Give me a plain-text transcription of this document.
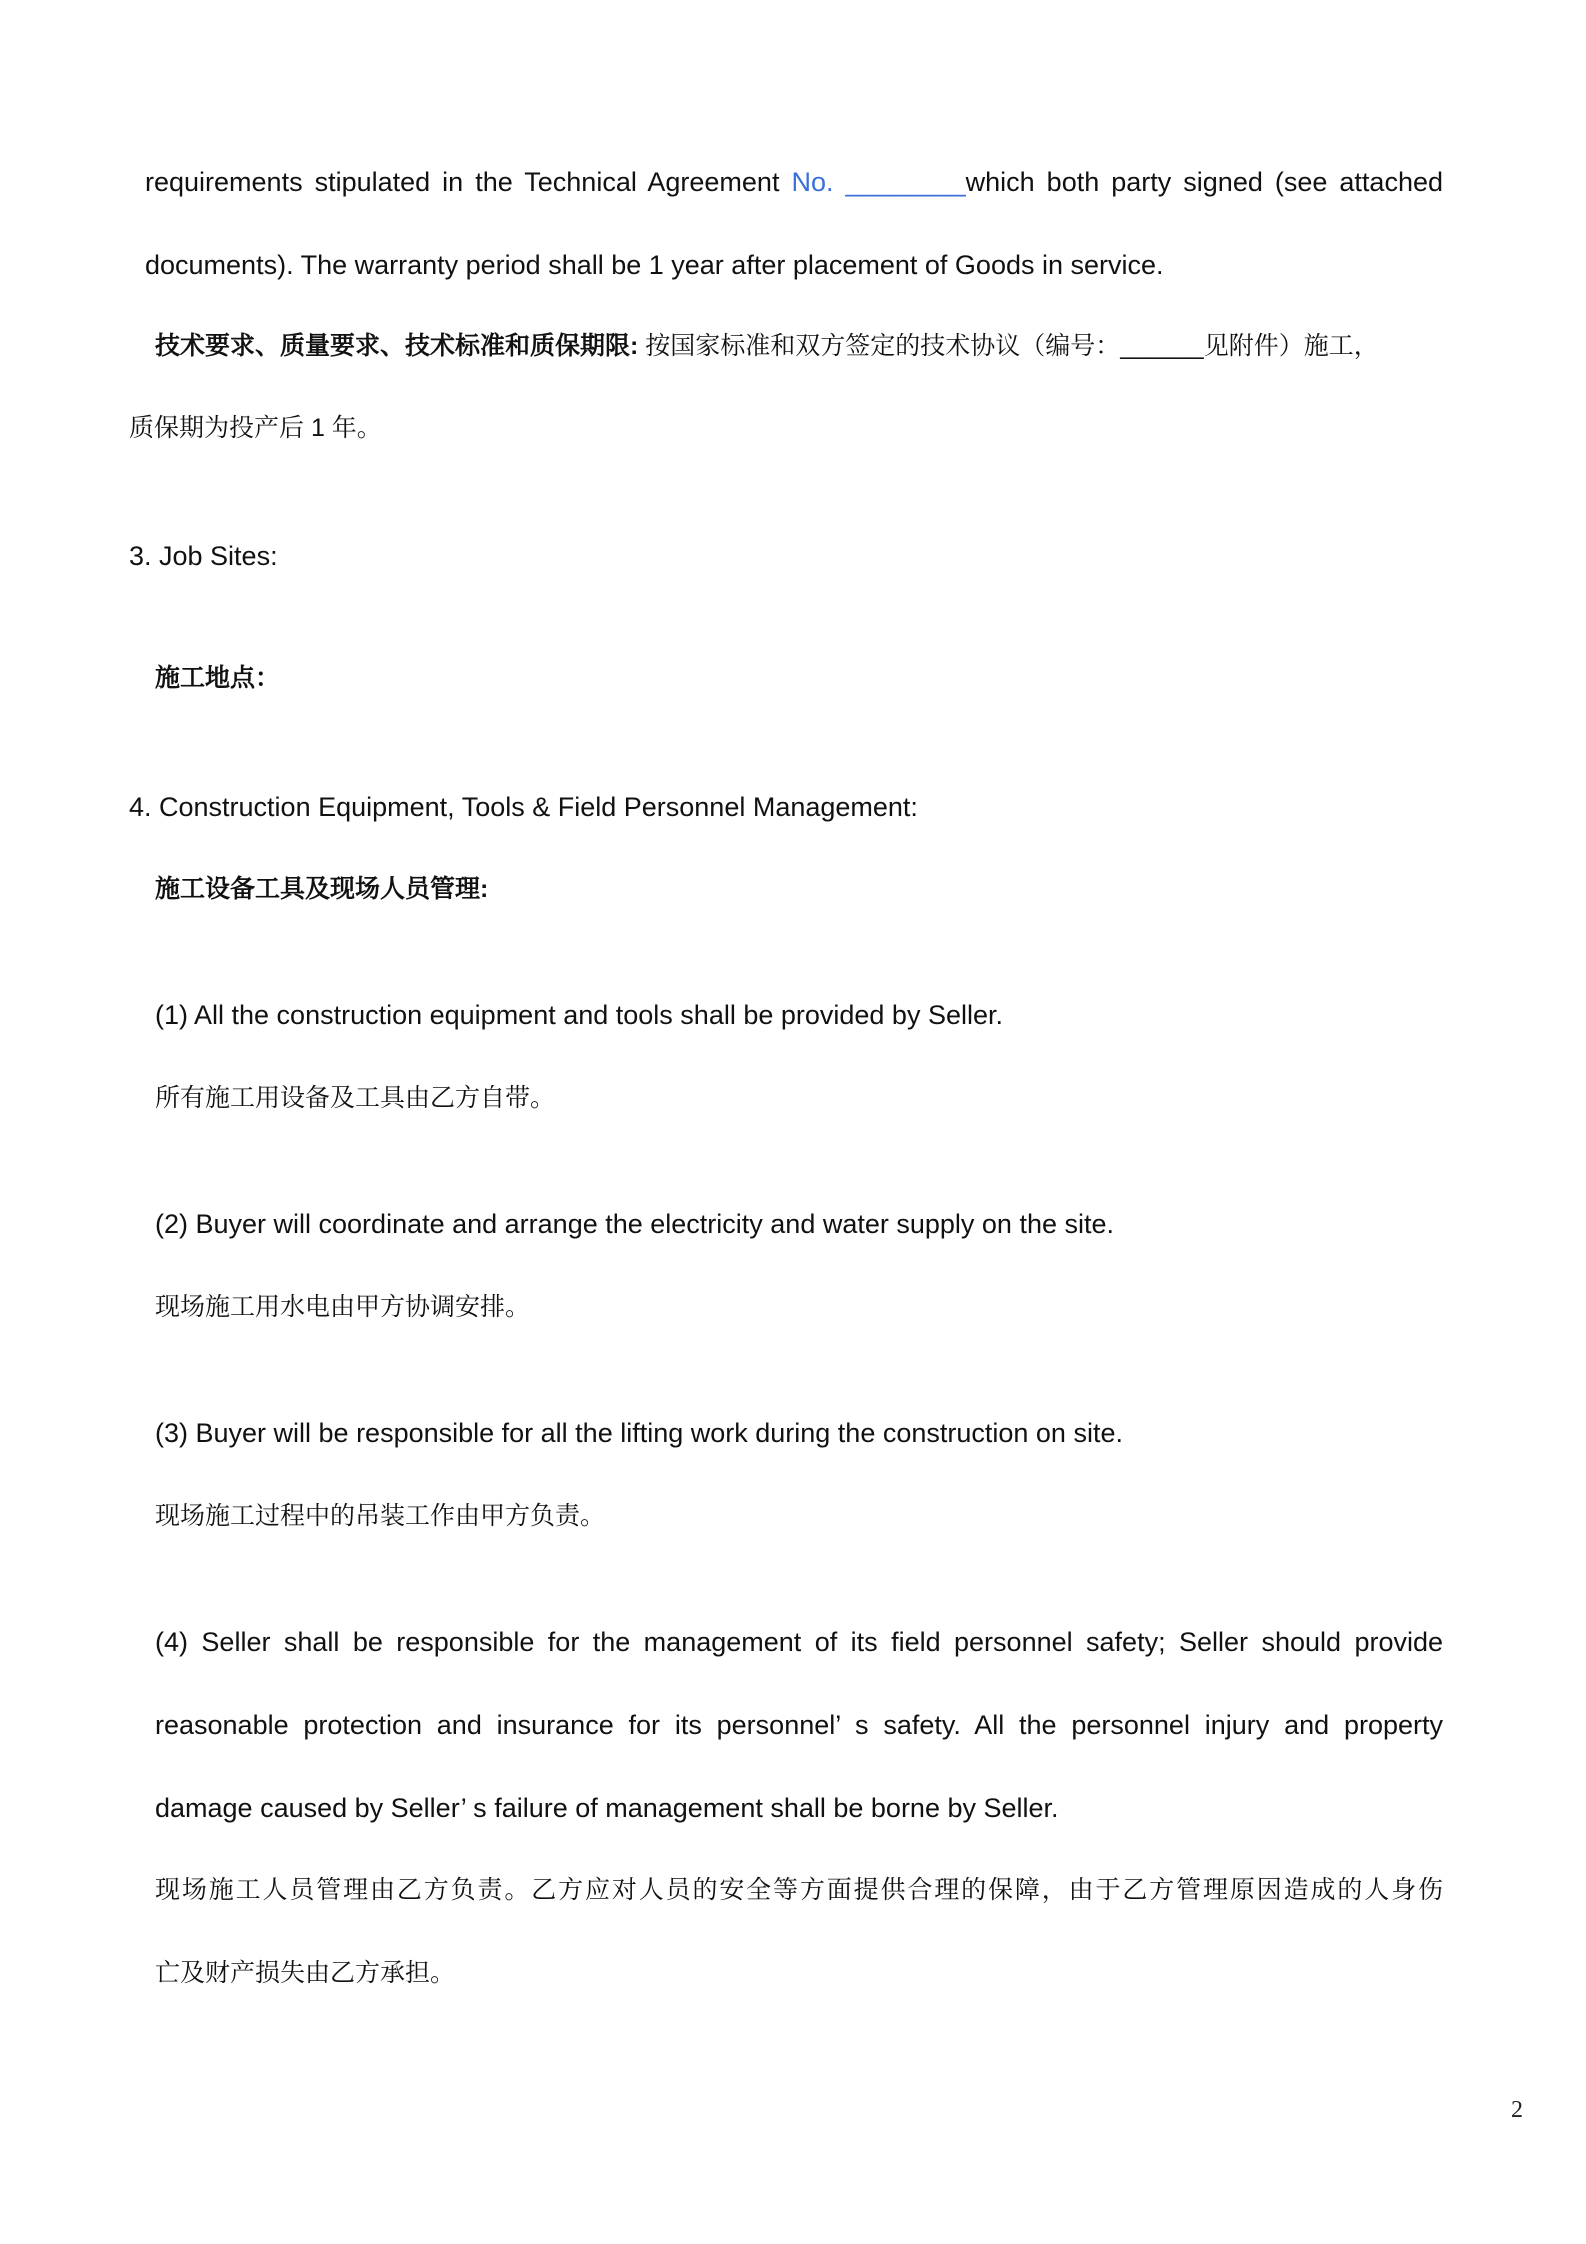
requirements stipulated in the Technical Agreement No. ________which both party signed (see attached
documents). The warranty period shall be 1 year after placement of Goods in service.
技术要求、质量要求、技术标准和质保期限: 按国家标准和双方签定的技术协议（编号：______见附件）施工，
质保期为投产后 1 年。
3. Job Sites:
施工地点：
4. Construction Equipment, Tools & Field Personnel Management:
施工设备工具及现场人员管理:
(1) All the construction equipment and tools shall be provided by Seller.
所有施工用设备及工具由乙方自带。
(2) Buyer will coordinate and arrange the electricity and water supply on the site.
现场施工用水电由甲方协调安排。
(3) Buyer will be responsible for all the lifting work during the construction on site.
现场施工过程中的吊装工作由甲方负责。
(4) Seller shall be responsible for the management of its field personnel safety; Seller should provide
reasonable protection and insurance for its personnel’ s safety. All the personnel injury and property
damage caused by Seller’ s failure of management shall be borne by Seller.
现场施工人员管理由乙方负责。乙方应对人员的安全等方面提供合理的保障，由于乙方管理原因造成的人身伤
亡及财产损失由乙方承担。
2
